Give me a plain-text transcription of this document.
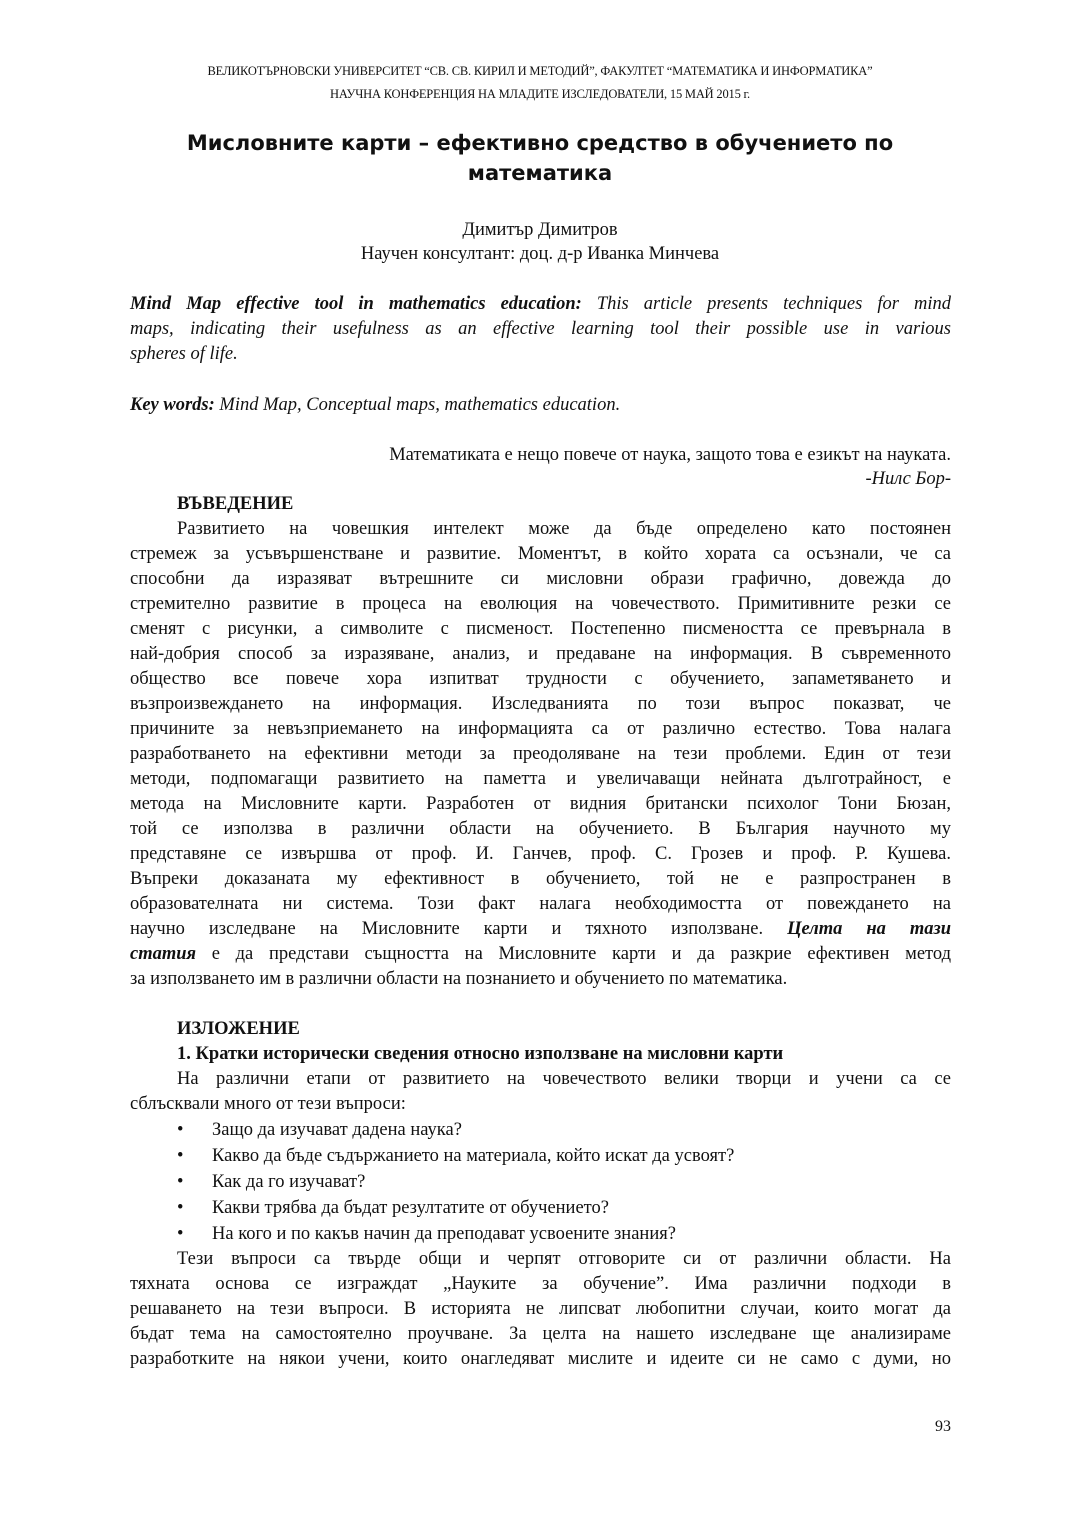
ВЕЛИКОТЪРНОВСКИ УНИВЕРСИТЕТ “СВ. СВ. КИРИЛ И МЕТОДИЙ”, ФАКУЛТЕТ “МАТЕМАТИКА И ИНФОРМАТИКА”
НАУЧНА КОНФЕРЕНЦИЯ НА МЛАДИТЕ ИЗСЛЕДОВАТЕЛИ, 15 МАЙ 2015 г.
Мисловните карти – ефективно средство в обучението по
математика
Димитър Димитров
Научен консултант: доц. д-р Иванка Минчева
Mind Map effective tool in mathematics education: This article presents techniques for mind
maps, indicating their usefulness as an effective learning tool their possible use in various
spheres of life.
Key words: Mind Map, Conceptual maps, mathematics education.
Математиката е нещо повече от наука, защото това е езикът на науката.
-Нилс Бор-
ВЪВЕДЕНИЕ
Развитието на човешкия интелект може да бъде определено като постоянен
стремеж за усъвършенстване и развитие. Моментът, в който хората са осъзнали, че са
способни да изразяват вътрешните си мисловни образи графично, довежда до
стремително развитие в процеса на еволюция на човечеството. Примитивните резки се
сменят с рисунки, а символите с писменост. Постепенно писмеността се превърнала в
най-добрия способ за изразяване, анализ, и предаване на информация. В съвременното
общество все повече хора изпитват трудности с обучението, запаметяването и
възпроизвеждането на информация. Изследванията по този въпрос показват, че
причините за невъзприемането на информацията са от различно естество. Това налага
разработването на ефективни методи за преодоляване на тези проблеми. Един от тези
методи, подпомагащи развитието на паметта и увеличаващи нейната дълготрайност, е
метода на Мисловните карти. Разработен от видния британски психолог Тони Бюзан,
той се използва в различни области на обучението. В България научното му
представяне се извършва от проф. И. Ганчев, проф. С. Грозев и проф. Р. Кушева.
Въпреки доказаната му ефективност в обучението, той не е разпространен в
образователната ни система. Този факт налага необходимостта от повеждането на
научно изследване на Мисловните карти и тяхното използване. Целта на тази
статия е да представи същността на Мисловните карти и да разкрие ефективен метод
за използването им в различни области на познанието и обучението по математика.
ИЗЛОЖЕНИЕ
1. Кратки исторически сведения относно използване на мисловни карти
На различни етапи от развитието на човечеството велики творци и учени са се
сблъсквали много от тези въпроси:
• Защо да изучават дадена наука?
• Какво да бъде съдържанието на материала, който искат да усвоят?
• Как да го изучават?
• Какви трябва да бъдат резултатите от обучението?
• На кого и по какъв начин да преподават усвоените знания?
Тези въпроси са твърде общи и черпят отговорите си от различни области. На
тяхната основа се изграждат „Науките за обучение”. Има различни подходи в
решаването на тези въпроси. В историята не липсват любопитни случаи, които могат да
бъдат тема на самостоятелно проучване. За целта на нашето изследване ще анализираме
разработките на някои учени, които онагледяват мислите и идеите си не само с думи, но
93
